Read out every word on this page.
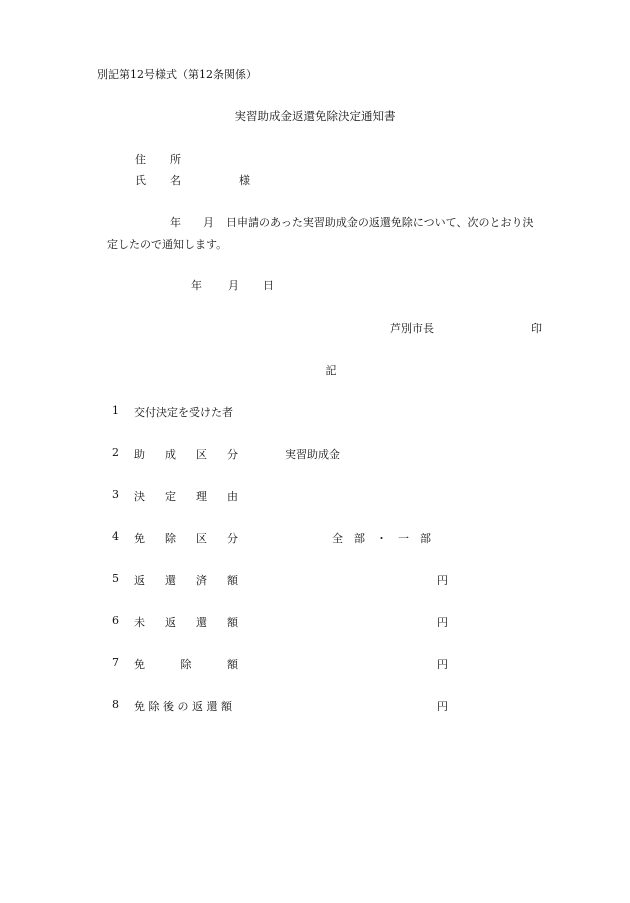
別記第12号様式（第12条関係）
実習助成金返還免除決定通知書
住 所
氏 名	様
年 月 日申請のあった実習助成金の返還免除について、次のとおり決
定したので通知します。
年 月 日
芦別市長	印
記
1 交付決定を受けた者
2 助 成 区 分	実習助成金
3 決 定 理 由
4 免 除 区 分	全　部　・　一　部
5 返 還 済 額	円
6 未 返 還 額	円
7 免	除	額	円
8 免 除 後 の 返 還 額	円
